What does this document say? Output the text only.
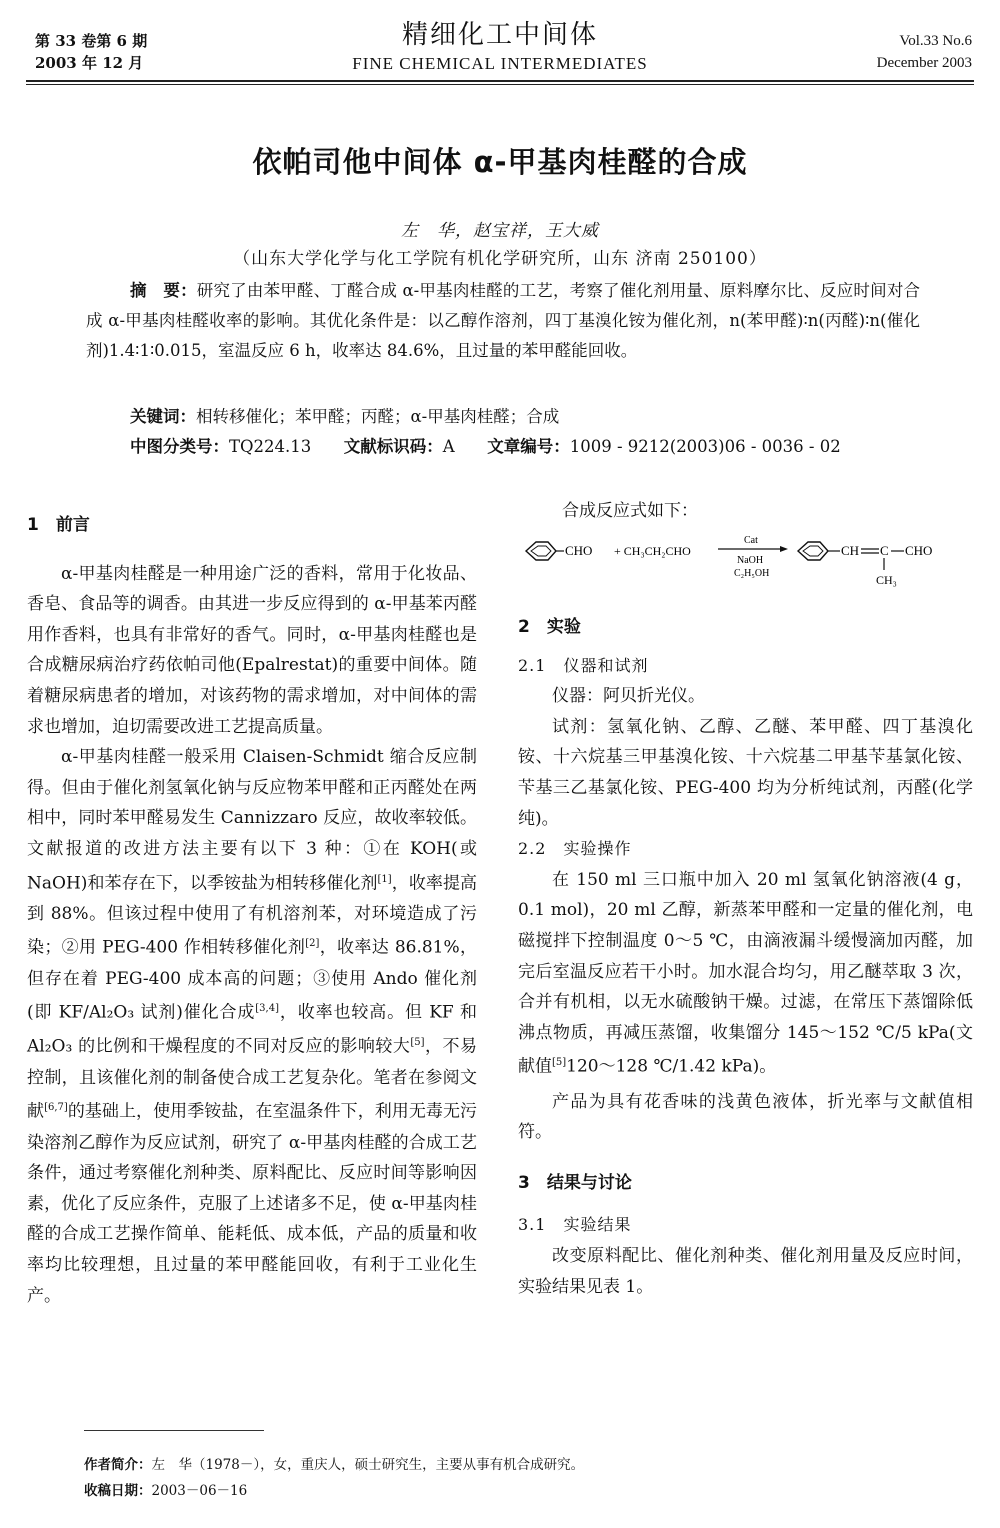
第 33 卷第 6 期
2003 年 12 月
精细化工中间体
FINE CHEMICAL INTERMEDIATES
Vol.33 No.6
December 2003
依帕司他中间体 α-甲基肉桂醛的合成
左　华，赵宝祥，王大威
（山东大学化学与化工学院有机化学研究所，山东 济南 250100）
摘　要：研究了由苯甲醛、丁醛合成 α-甲基肉桂醛的工艺，考察了催化剂用量、原料摩尔比、反应时间对合成 α-甲基肉桂醛收率的影响。其优化条件是：以乙醇作溶剂，四丁基溴化铵为催化剂，n(苯甲醛)∶n(丙醛)∶n(催化剂)1.4∶1∶0.015，室温反应 6 h，收率达 84.6%，且过量的苯甲醛能回收。
关键词：相转移催化；苯甲醛；丙醛；α-甲基肉桂醛；合成
中图分类号：TQ224.13 文献标识码：A 文章编号：1009 - 9212(2003)06 - 0036 - 02
1　前言

α-甲基肉桂醛是一种用途广泛的香料，常用于化妆品、香皂、食品等的调香。由其进一步反应得到的 α-甲基苯丙醛用作香料，也具有非常好的香气。同时，α-甲基肉桂醛也是合成糖尿病治疗药依帕司他(Epalrestat)的重要中间体。随着糖尿病患者的增加，对该药物的需求增加，对中间体的需求也增加，迫切需要改进工艺提高质量。

α-甲基肉桂醛一般采用 Claisen-Schmidt 缩合反应制得。但由于催化剂氢氧化钠与反应物苯甲醛和正丙醛处在两相中，同时苯甲醛易发生 Cannizzaro 反应，故收率较低。文献报道的改进方法主要有以下 3 种：①在 KOH(或 NaOH)和苯存在下，以季铵盐为相转移催化剂[1]，收率提高到 88%。但该过程中使用了有机溶剂苯，对环境造成了污染；②用 PEG-400 作相转移催化剂[2]，收率达 86.81%，但存在着 PEG-400 成本高的问题；③使用 Ando 催化剂(即 KF/Al₂O₃ 试剂)催化合成[3,4]，收率也较高。但 KF 和 Al₂O₃ 的比例和干燥程度的不同对反应的影响较大[5]，不易控制，且该催化剂的制备使合成工艺复杂化。笔者在参阅文献[6,7]的基础上，使用季铵盐，在室温条件下，利用无毒无污染溶剂乙醇作为反应试剂，研究了 α-甲基肉桂醛的合成工艺条件，通过考察催化剂种类、原料配比、反应时间等影响因素，优化了反应条件，克服了上述诸多不足，使 α-甲基肉桂醛的合成工艺操作简单、能耗低、成本低，产品的质量和收率均比较理想，且过量的苯甲醛能回收，有利于工业化生产。

合成反应式如下：

CHO + CH₃CH₂CHO
Cat
NaOH
C₂H₅OH
CH C CHO
CH₃
2　实验
2.1　仪器和试剂

仪器：阿贝折光仪。

试剂：氢氧化钠、乙醇、乙醚、苯甲醛、四丁基溴化铵、十六烷基三甲基溴化铵、十六烷基二甲基苄基氯化铵、苄基三乙基氯化铵、PEG-400 均为分析纯试剂，丙醛(化学纯)。

2.2　实验操作

在 150 ml 三口瓶中加入 20 ml 氢氧化钠溶液(4 g，0.1 mol)，20 ml 乙醇，新蒸苯甲醛和一定量的催化剂，电磁搅拌下控制温度 0～5 ℃，由滴液漏斗缓慢滴加丙醛，加完后室温反应若干小时。加水混合均匀，用乙醚萃取 3 次，合并有机相，以无水硫酸钠干燥。过滤，在常压下蒸馏除低沸点物质，再减压蒸馏，收集馏分 145～152 ℃/5 kPa(文献值[5]120～128 ℃/1.42 kPa)。

产品为具有花香味的浅黄色液体，折光率与文献值相符。

3　结果与讨论
3.1　实验结果

改变原料配比、催化剂种类、催化剂用量及反应时间，实验结果见表 1。

作者简介：左　华（1978－），女，重庆人，硕士研究生，主要从事有机合成研究。
收稿日期：2003－06－16
